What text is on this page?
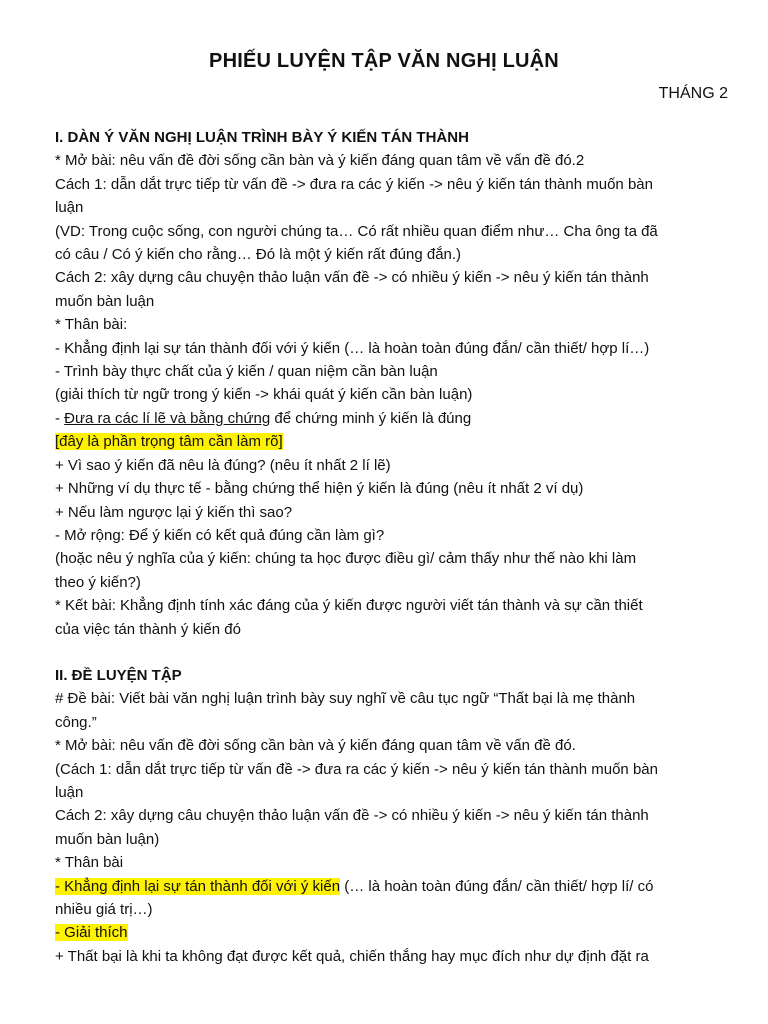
PHIẾU LUYỆN TẬP VĂN NGHỊ LUẬN
THÁNG 2
I. DÀN Ý VĂN NGHỊ LUẬN TRÌNH BÀY Ý KIẾN TÁN THÀNH
* Mở bài: nêu vấn đề đời sống cần bàn và ý kiến đáng quan tâm về vấn đề đó.2
Cách 1: dẫn dắt trực tiếp từ vấn đề -> đưa ra các ý kiến -> nêu ý kiến tán thành muốn bàn
luận
(VD: Trong cuộc sống, con người chúng ta… Có rất nhiều quan điểm như… Cha ông ta đã
có câu / Có ý kiến cho rằng… Đó là một ý kiến rất đúng đắn.)
Cách 2: xây dựng câu chuyện thảo luận vấn đề -> có nhiều ý kiến -> nêu ý kiến tán thành
muốn bàn luận
* Thân bài:
- Khẳng định lại sự tán thành đối với ý kiến (… là hoàn toàn đúng đắn/ cần thiết/ hợp lí…)
- Trình bày thực chất của ý kiến / quan niệm cần bàn luận
(giải thích từ ngữ trong ý kiến -> khái quát ý kiến cần bàn luận)
- Đưa ra các lí lẽ và bằng chứng để chứng minh ý kiến là đúng
[đây là phần trọng tâm cần làm rõ]
+ Vì sao ý kiến đã nêu là đúng? (nêu ít nhất 2 lí lẽ)
+ Những ví dụ thực tế - bằng chứng thể hiện ý kiến là đúng (nêu ít nhất 2 ví dụ)
+ Nếu làm ngược lại ý kiến thì sao?
- Mở rộng: Để ý kiến có kết quả đúng cần làm gì?
(hoặc nêu ý nghĩa của ý kiến: chúng ta học được điều gì/ cảm thấy như thế nào khi làm
theo ý kiến?)
* Kết bài: Khẳng định tính xác đáng của ý kiến được người viết tán thành và sự cần thiết
của việc tán thành ý kiến đó
II. ĐỀ LUYỆN TẬP
# Đề bài: Viết bài văn nghị luận trình bày suy nghĩ về câu tục ngữ “Thất bại là mẹ thành
công.”
* Mở bài: nêu vấn đề đời sống cần bàn và ý kiến đáng quan tâm về vấn đề đó.
(Cách 1: dẫn dắt trực tiếp từ vấn đề -> đưa ra các ý kiến -> nêu ý kiến tán thành muốn bàn
luận
Cách 2: xây dựng câu chuyện thảo luận vấn đề -> có nhiều ý kiến -> nêu ý kiến tán thành
muốn bàn luận)
* Thân bài
- Khẳng định lại sự tán thành đối với ý kiến (… là hoàn toàn đúng đắn/ cần thiết/ hợp lí/ có
nhiều giá trị…)
- Giải thích
+ Thất bại là khi ta không đạt được kết quả, chiến thắng hay mục đích như dự định đặt ra
